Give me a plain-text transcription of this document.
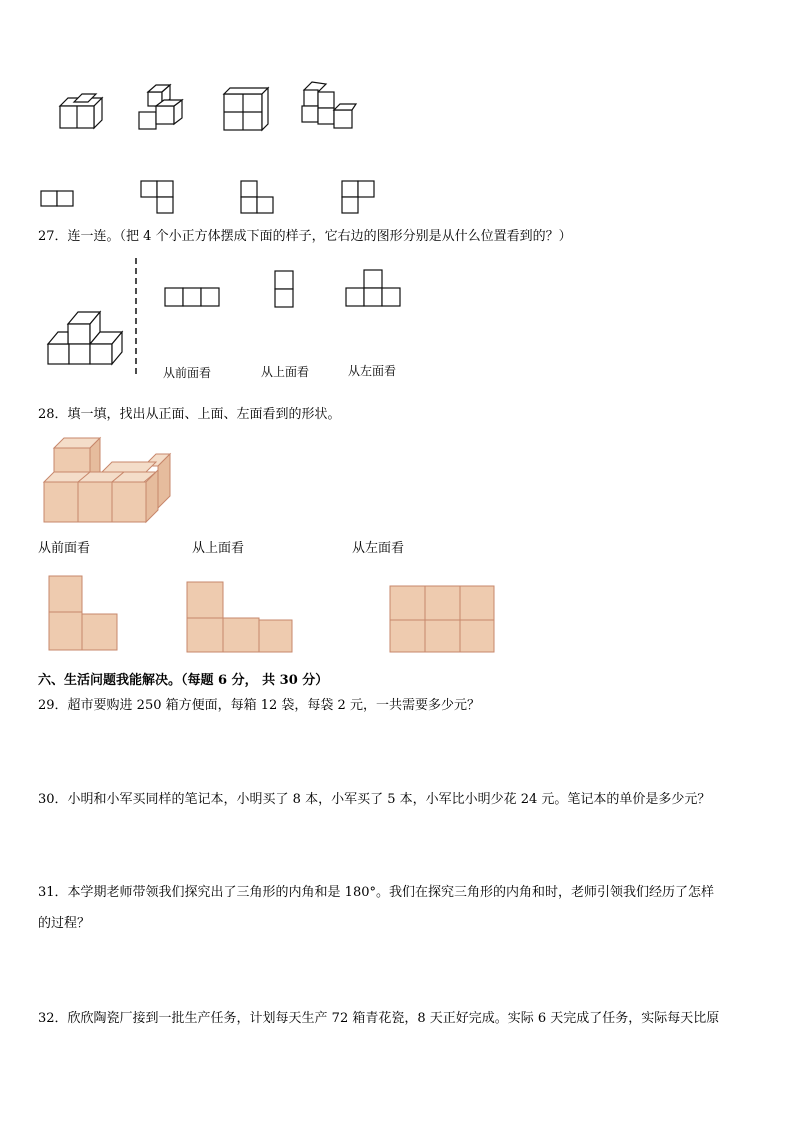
27．连一连。（把 4 个小正方体摆成下面的样子，它右边的图形分别是从什么位置看到的？）
从前面看	从上面看	从左面看
28．填一填，找出从正面、上面、左面看到的形状。
从前面看	从上面看	从左面看
六、生活问题我能解决。（每题 6 分， 共 30 分）
29．超市要购进 250 箱方便面，每箱 12 袋，每袋 2 元，一共需要多少元？
30．小明和小军买同样的笔记本，小明买了 8 本，小军买了 5 本，小军比小明少花 24 元。笔记本的单价是多少元？
31．本学期老师带领我们探究出了三角形的内角和是 180°。我们在探究三角形的内角和时，老师引领我们经历了怎样
的过程？
32．欣欣陶瓷厂接到一批生产任务，计划每天生产 72 箱青花瓷，8 天正好完成。实际 6 天完成了任务，实际每天比原
